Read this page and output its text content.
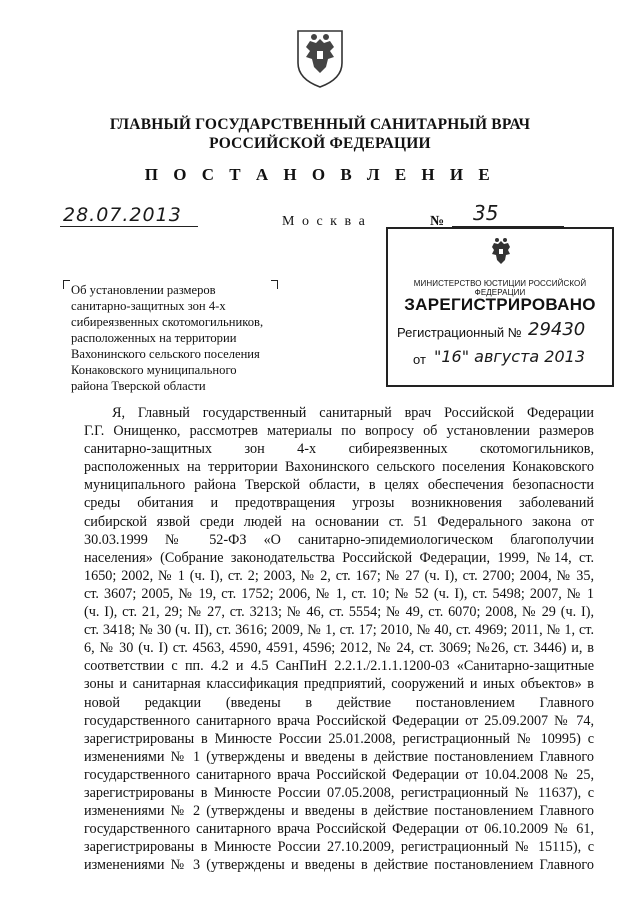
ГЛАВНЫЙ ГОСУДАРСТВЕННЫЙ САНИТАРНЫЙ ВРАЧ
РОССИЙСКОЙ ФЕДЕРАЦИИ
П О С Т А Н О В Л Е Н И Е
28.07.2013	М о с к в а	№ 35
МИНИСТЕРСТВО ЮСТИЦИИ РОССИЙСКОЙ ФЕДЕРАЦИИ
ЗАРЕГИСТРИРОВАНО
Регистрационный № 29430
от "16" августа 2013
Об установлении размеров
санитарно-защитных зон 4-х
сибиреязвенных скотомогильников,
расположенных на территории
Вахонинского сельского поселения
Конаковского муниципального
района Тверской области
Я, Главный государственный санитарный врач Российской Федерации
Г.Г. Онищенко, рассмотрев материалы по вопросу об установлении размеров
санитарно-защитных зон 4-х сибиреязвенных скотомогильников,
расположенных на территории Вахонинского сельского поселения Конаковского
муниципального района Тверской области, в целях обеспечения безопасности
среды обитания и предотвращения угрозы возникновения заболеваний
сибирской язвой среди людей на основании ст. 51 Федерального закона от
30.03.1999 № 52-ФЗ «О санитарно-эпидемиологическом благополучии
населения» (Собрание законодательства Российской Федерации, 1999, №14, ст.
1650; 2002, № 1 (ч. I), ст. 2; 2003, № 2, ст. 167; № 27 (ч. I), ст. 2700; 2004, № 35,
ст. 3607; 2005, № 19, ст. 1752; 2006, № 1, ст. 10; № 52 (ч. I), ст. 5498; 2007, № 1
(ч. I), ст. 21, 29; № 27, ст. 3213; № 46, ст. 5554; № 49, ст. 6070; 2008, № 29 (ч. I),
ст. 3418; № 30 (ч. II), ст. 3616; 2009, № 1, ст. 17; 2010, № 40, ст. 4969; 2011, № 1, ст.
6, № 30 (ч. I) ст. 4563, 4590, 4591, 4596; 2012, № 24, ст. 3069; №26, ст. 3446) и, в
соответствии с пп. 4.2 и 4.5 СанПиН 2.2.1./2.1.1.1200-03 «Санитарно-защитные
зоны и санитарная классификация предприятий, сооружений и иных объектов» в
новой редакции (введены в действие постановлением Главного
государственного санитарного врача Российской Федерации от 25.09.2007 № 74,
зарегистрированы в Минюсте России 25.01.2008, регистрационный № 10995) с
изменениями № 1 (утверждены и введены в действие постановлением Главного
государственного санитарного врача Российской Федерации от 10.04.2008 № 25,
зарегистрированы в Минюсте России 07.05.2008, регистрационный № 11637), с
изменениями № 2 (утверждены и введены в действие постановлением Главного
государственного санитарного врача Российской Федерации от 06.10.2009 № 61,
зарегистрированы в Минюсте России 27.10.2009, регистрационный № 15115), с
изменениями № 3 (утверждены и введены в действие постановлением Главного
